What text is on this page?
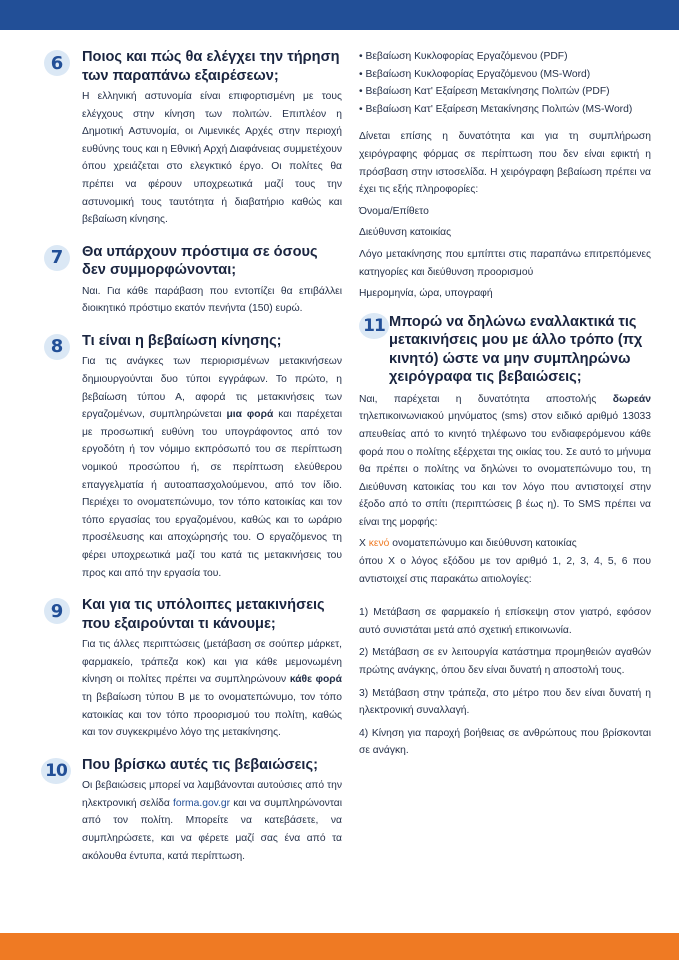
6	Ποιος και πώς θα ελέγχει την τήρηση των παραπάνω εξαιρέσεων;

Η ελληνική αστυνομία είναι επιφορτισμένη με τους ελέγχους στην κίνηση των πολιτών. Επιπλέον η Δημοτική Αστυνομία, οι Λιμενικές Αρχές στην περιοχή ευθύνης τους και η Εθνική Αρχή Διαφάνειας συμμετέχουν όπου χρειάζεται στο ελεγκτικό έργο. Οι πολίτες θα πρέπει να φέρουν υποχρεωτικά μαζί τους την αστυνομική τους ταυτότητα ή διαβατήριο καθώς και βεβαίωση κίνησης.

7	Θα υπάρχουν πρόστιμα σε όσους δεν συμμορφώνονται;

Ναι. Για κάθε παράβαση που εντοπίζει θα επιβάλλει διοικητικό πρόστιμο εκατόν πενήντα (150) ευρώ.

8	Τι είναι η βεβαίωση κίνησης;

Για τις ανάγκες των περιορισμένων μετακινήσεων δημιουργούνται δυο τύποι εγγράφων. Το πρώτο, η βεβαίωση τύπου Α, αφορά τις μετακινήσεις των εργαζομένων, συμπληρώνεται μια φορά και παρέχεται με προσωπική ευθύνη του υπογράφοντος από τον εργοδότη ή τον νόμιμο εκπρόσωπό του σε περίπτωση νομικού προσώπου ή, σε περίπτωση ελεύθερου επαγγελματία ή αυτοαπασχολούμενου, από τον ίδιο. Περιέχει το ονοματεπώνυμο, τον τόπο κατοικίας και τον τόπο εργασίας του εργαζομένου, καθώς και το ωράριο προσέλευσης και αποχώρησής του. Ο εργαζόμενος τη φέρει υποχρεωτικά μαζί του κατά τις μετακινήσεις του προς και από την εργασία του.

9	Και για τις υπόλοιπες μετακινήσεις που εξαιρούνται τι κάνουμε;

Για τις άλλες περιπτώσεις (μετάβαση σε σούπερ μάρκετ, φαρμακείο, τράπεζα κοκ) και για κάθε μεμονωμένη κίνηση οι πολίτες πρέπει να συμπληρώνουν κάθε φορά τη βεβαίωση τύπου Β με το ονοματεπώνυμο, τον τόπο κατοικίας και τον τόπο προορισμού του πολίτη, καθώς και τον συγκεκριμένο λόγο της μετακίνησης.

10 Που βρίσκω αυτές τις βεβαιώσεις;

Οι βεβαιώσεις μπορεί να λαμβάνονται αυτούσιες από την ηλεκτρονική σελίδα forma.gov.gr και να συμπληρώνονται από τον πολίτη. Μπορείτε να κατεβάσετε, να συμπληρώσετε, και να φέρετε μαζί σας ένα από τα ακόλουθα έντυπα, κατά περίπτωση.

• Βεβαίωση Κυκλοφορίας Εργαζόμενου (PDF)

• Βεβαίωση Κυκλοφορίας Εργαζόμενου (MS-Word)

• Βεβαίωση Κατ' Εξαίρεση Μετακίνησης Πολιτών (PDF)

• Βεβαίωση Κατ' Εξαίρεση Μετακίνησης Πολιτών (MS-Word)

Δίνεται επίσης η δυνατότητα και για τη συμπλήρωση χειρόγραφης φόρμας σε περίπτωση που δεν είναι εφικτή η πρόσβαση στην ιστοσελίδα. Η χειρόγραφη βεβαίωση πρέπει να έχει τις εξής πληροφορίες:

Όνομα/Επίθετο

Διεύθυνση κατοικίας

Λόγο μετακίνησης που εμπίπτει στις παραπάνω επιτρεπόμενες κατηγορίες και διεύθυνση προορισμού

Ημερομηνία, ώρα, υπογραφή

11 Μπορώ να δηλώνω εναλλακτικά τις μετακινήσεις μου με άλλο τρόπο (πχ κινητό) ώστε να μην συμπληρώνω χειρόγραφα τις βεβαιώσεις;

Ναι, παρέχεται η δυνατότητα αποστολής δωρεάν τηλεπικοινωνιακού μηνύματος (sms) στον ειδικό αριθμό 13033 απευθείας από το κινητό τηλέφωνο του ενδιαφερόμενου κάθε φορά που ο πολίτης εξέρχεται της οικίας του. Σε αυτό το μήνυμα θα πρέπει ο πολίτης να δηλώνει το ονοματεπώνυμο του, τη Διεύθυνση κατοικίας του και τον λόγο που αντιστοιχεί στην έξοδο από το σπίτι (περιπτώσεις β έως η). To SMS πρέπει να είναι της μορφής:

X κενό ονοματεπώνυμο και διεύθυνση κατοικίας

όπου X ο λόγος εξόδου με τον αριθμό 1, 2, 3, 4, 5, 6 που αντιστοιχεί στις παρακάτω αιτιολογίες:

1) Μετάβαση σε φαρμακείο ή επίσκεψη στον γιατρό, εφόσον αυτό συνιστάται μετά από σχετική επικοινωνία.

2) Μετάβαση σε εν λειτουργία κατάστημα προμηθειών αγαθών πρώτης ανάγκης, όπου δεν είναι δυνατή η αποστολή τους.

3) Μετάβαση στην τράπεζα, στο μέτρο που δεν είναι δυνατή η ηλεκτρονική συναλλαγή.

4) Κίνηση για παροχή βοήθειας σε ανθρώπους που βρίσκονται σε ανάγκη.
